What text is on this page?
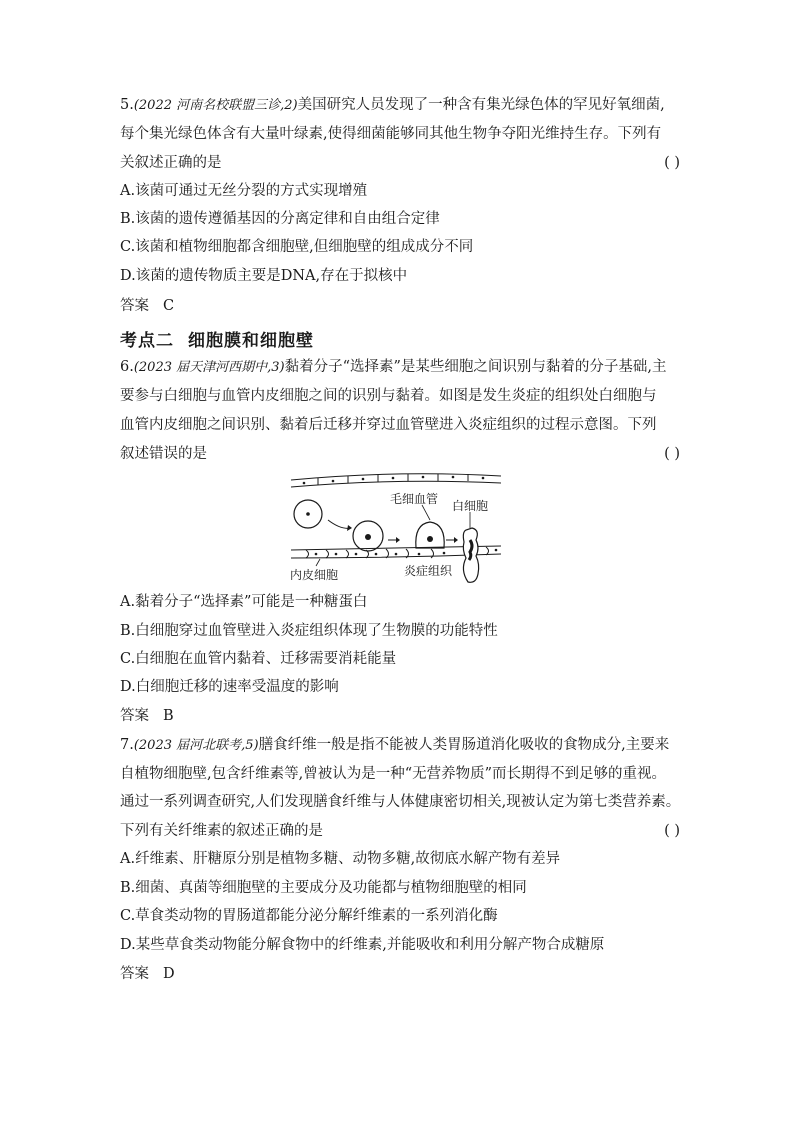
5.(2022 河南名校联盟三诊,2)美国研究人员发现了一种含有集光绿色体的罕见好氧细菌,
每个集光绿色体含有大量叶绿素,使得细菌能够同其他生物争夺阳光维持生存。下列有
关叙述正确的是	( )
A.该菌可通过无丝分裂的方式实现增殖
B.该菌的遗传遵循基因的分离定律和自由组合定律
C.该菌和植物细胞都含细胞壁,但细胞壁的组成成分不同
D.该菌的遗传物质主要是DNA,存在于拟核中
答案 C
考点二 细胞膜和细胞壁
6.(2023 届天津河西期中,3)黏着分子“选择素”是某些细胞之间识别与黏着的分子基础,主
要参与白细胞与血管内皮细胞之间的识别与黏着。如图是发生炎症的组织处白细胞与
血管内皮细胞之间识别、黏着后迁移并穿过血管壁进入炎症组织的过程示意图。下列
叙述错误的是	( )
毛细血管 白细胞
内皮细胞	炎症组织
A.黏着分子“选择素”可能是一种糖蛋白
B.白细胞穿过血管壁进入炎症组织体现了生物膜的功能特性
C.白细胞在血管内黏着、迁移需要消耗能量
D.白细胞迁移的速率受温度的影响
答案 B
7.(2023 届河北联考,5)膳食纤维一般是指不能被人类胃肠道消化吸收的食物成分,主要来
自植物细胞壁,包含纤维素等,曾被认为是一种“无营养物质”而长期得不到足够的重视。
通过一系列调查研究,人们发现膳食纤维与人体健康密切相关,现被认定为第七类营养素。
下列有关纤维素的叙述正确的是	( )
A.纤维素、肝糖原分别是植物多糖、动物多糖,故彻底水解产物有差异
B.细菌、真菌等细胞壁的主要成分及功能都与植物细胞壁的相同
C.草食类动物的胃肠道都能分泌分解纤维素的一系列消化酶
D.某些草食类动物能分解食物中的纤维素,并能吸收和利用分解产物合成糖原
答案 D
